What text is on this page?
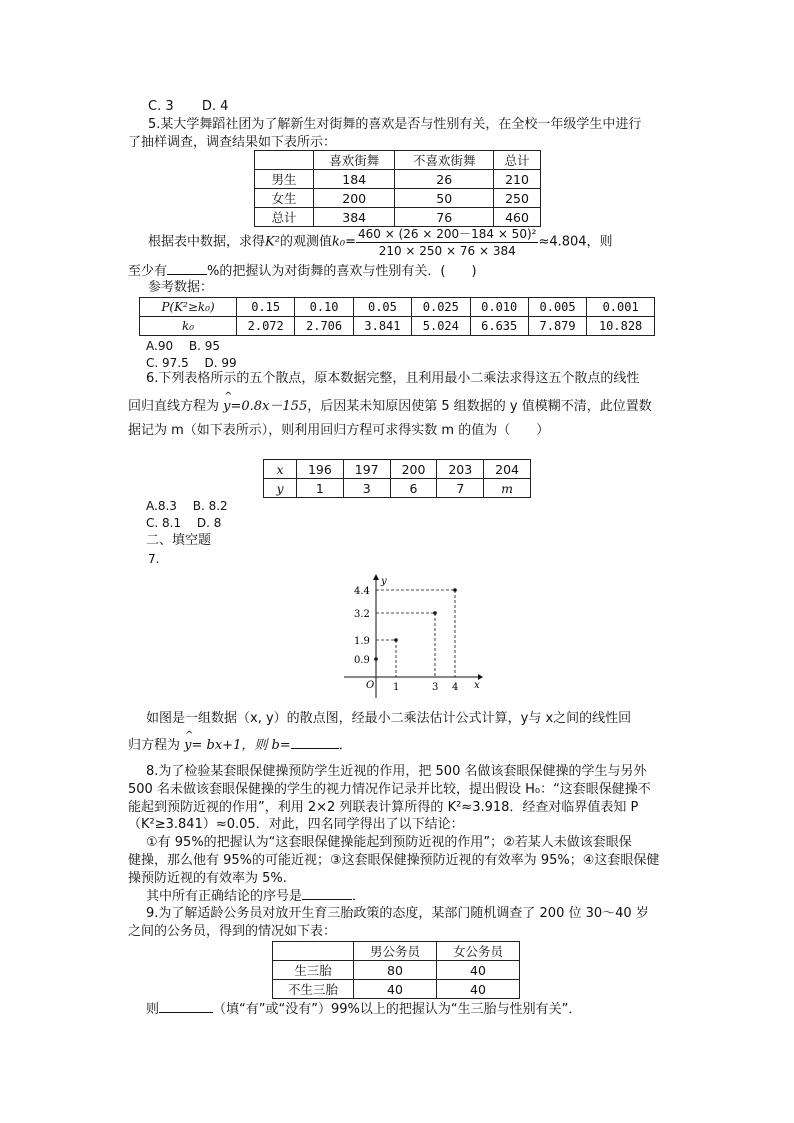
C. 3 D. 4
5.某大学舞蹈社团为了解新生对街舞的喜欢是否与性别有关，在全校一年级学生中进行
了抽样调查，调查结果如下表所示：
	喜欢街舞	不喜欢街舞	总计
男生	184	26	210
女生	200	50	250
总计	384	76	460
根据表中数据，求得K²的观测值$k_0= \frac{\text{460 × (26 × 200－184 × 50)²}}{210 \times 250 \times 76 \times 384} \approx 4.804$，则
至少有	%的把握认为对街舞的喜欢与性别有关．(　　)
参考数据：
P(K²≥k₀)	0.15	0.10	0.05	0.025	0.010	0.005	0.001
k₀	2.072	2.706	3.841	5.024	6.635	7.879	10.828
A.90　 B. 95
C. 97.5　 D. 99
6.下列表格所示的五个散点，原本数据完整，且利用最小二乘法求得这五个散点的线性
回归直线方程为 ^ y=0.8x－155，后因某未知原因使第 5 组数据的 y 值模糊不清，此位置数
据记为 m（如下表所示），则利用回归方程可求得实数 m 的值为（　　）
x	196	197	200	203	204
y	1	3	6	7	m
A.8.3　 B. 8.2
C. 8.1　 D. 8
二、填空题
7.
y
x
O
4.4
3.2
1.9
0.9
1	3 4
如图是一组数据（x, y）的散点图，经最小二乘法估计公式计算，y与 x之间的线性回
归方程为 ^ y= bx+1，则 b=	．
8.为了检验某套眼保健操预防学生近视的作用，把 500 名做该套眼保健操的学生与另外
500 名未做该套眼保健操的学生的视力情况作记录并比较，提出假设 H₀：“这套眼保健操不
能起到预防近视的作用”，利用 2×2 列联表计算所得的 K²≈3.918．经查对临界值表知 P
（K²≥3.841）≈0.05．对此，四名同学得出了以下结论：
①有 95%的把握认为“这套眼保健操能起到预防近视的作用”；②若某人未做该套眼保
健操，那么他有 95%的可能近视；③这套眼保健操预防近视的有效率为 95%；④这套眼保健
操预防近视的有效率为 5%.
其中所有正确结论的序号是	．
9.为了解适龄公务员对放开生育三胎政策的态度，某部门随机调查了 200 位 30～40 岁
之间的公务员，得到的情况如下表：
	男公务员	女公务员
生三胎	80	40
不生三胎	40	40
则	（填“有”或“没有”）99%以上的把握认为“生三胎与性别有关”．
